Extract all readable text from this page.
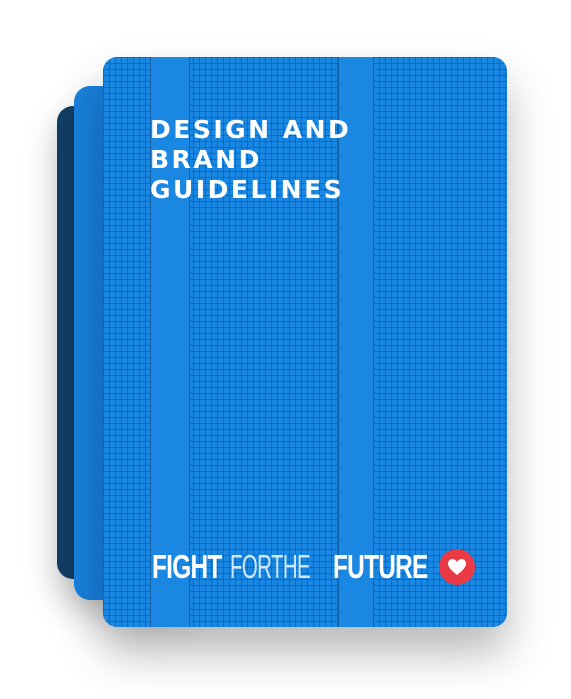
DESIGN AND
BRAND
GUIDELINES
FIGHT FORTHE FUTURE
